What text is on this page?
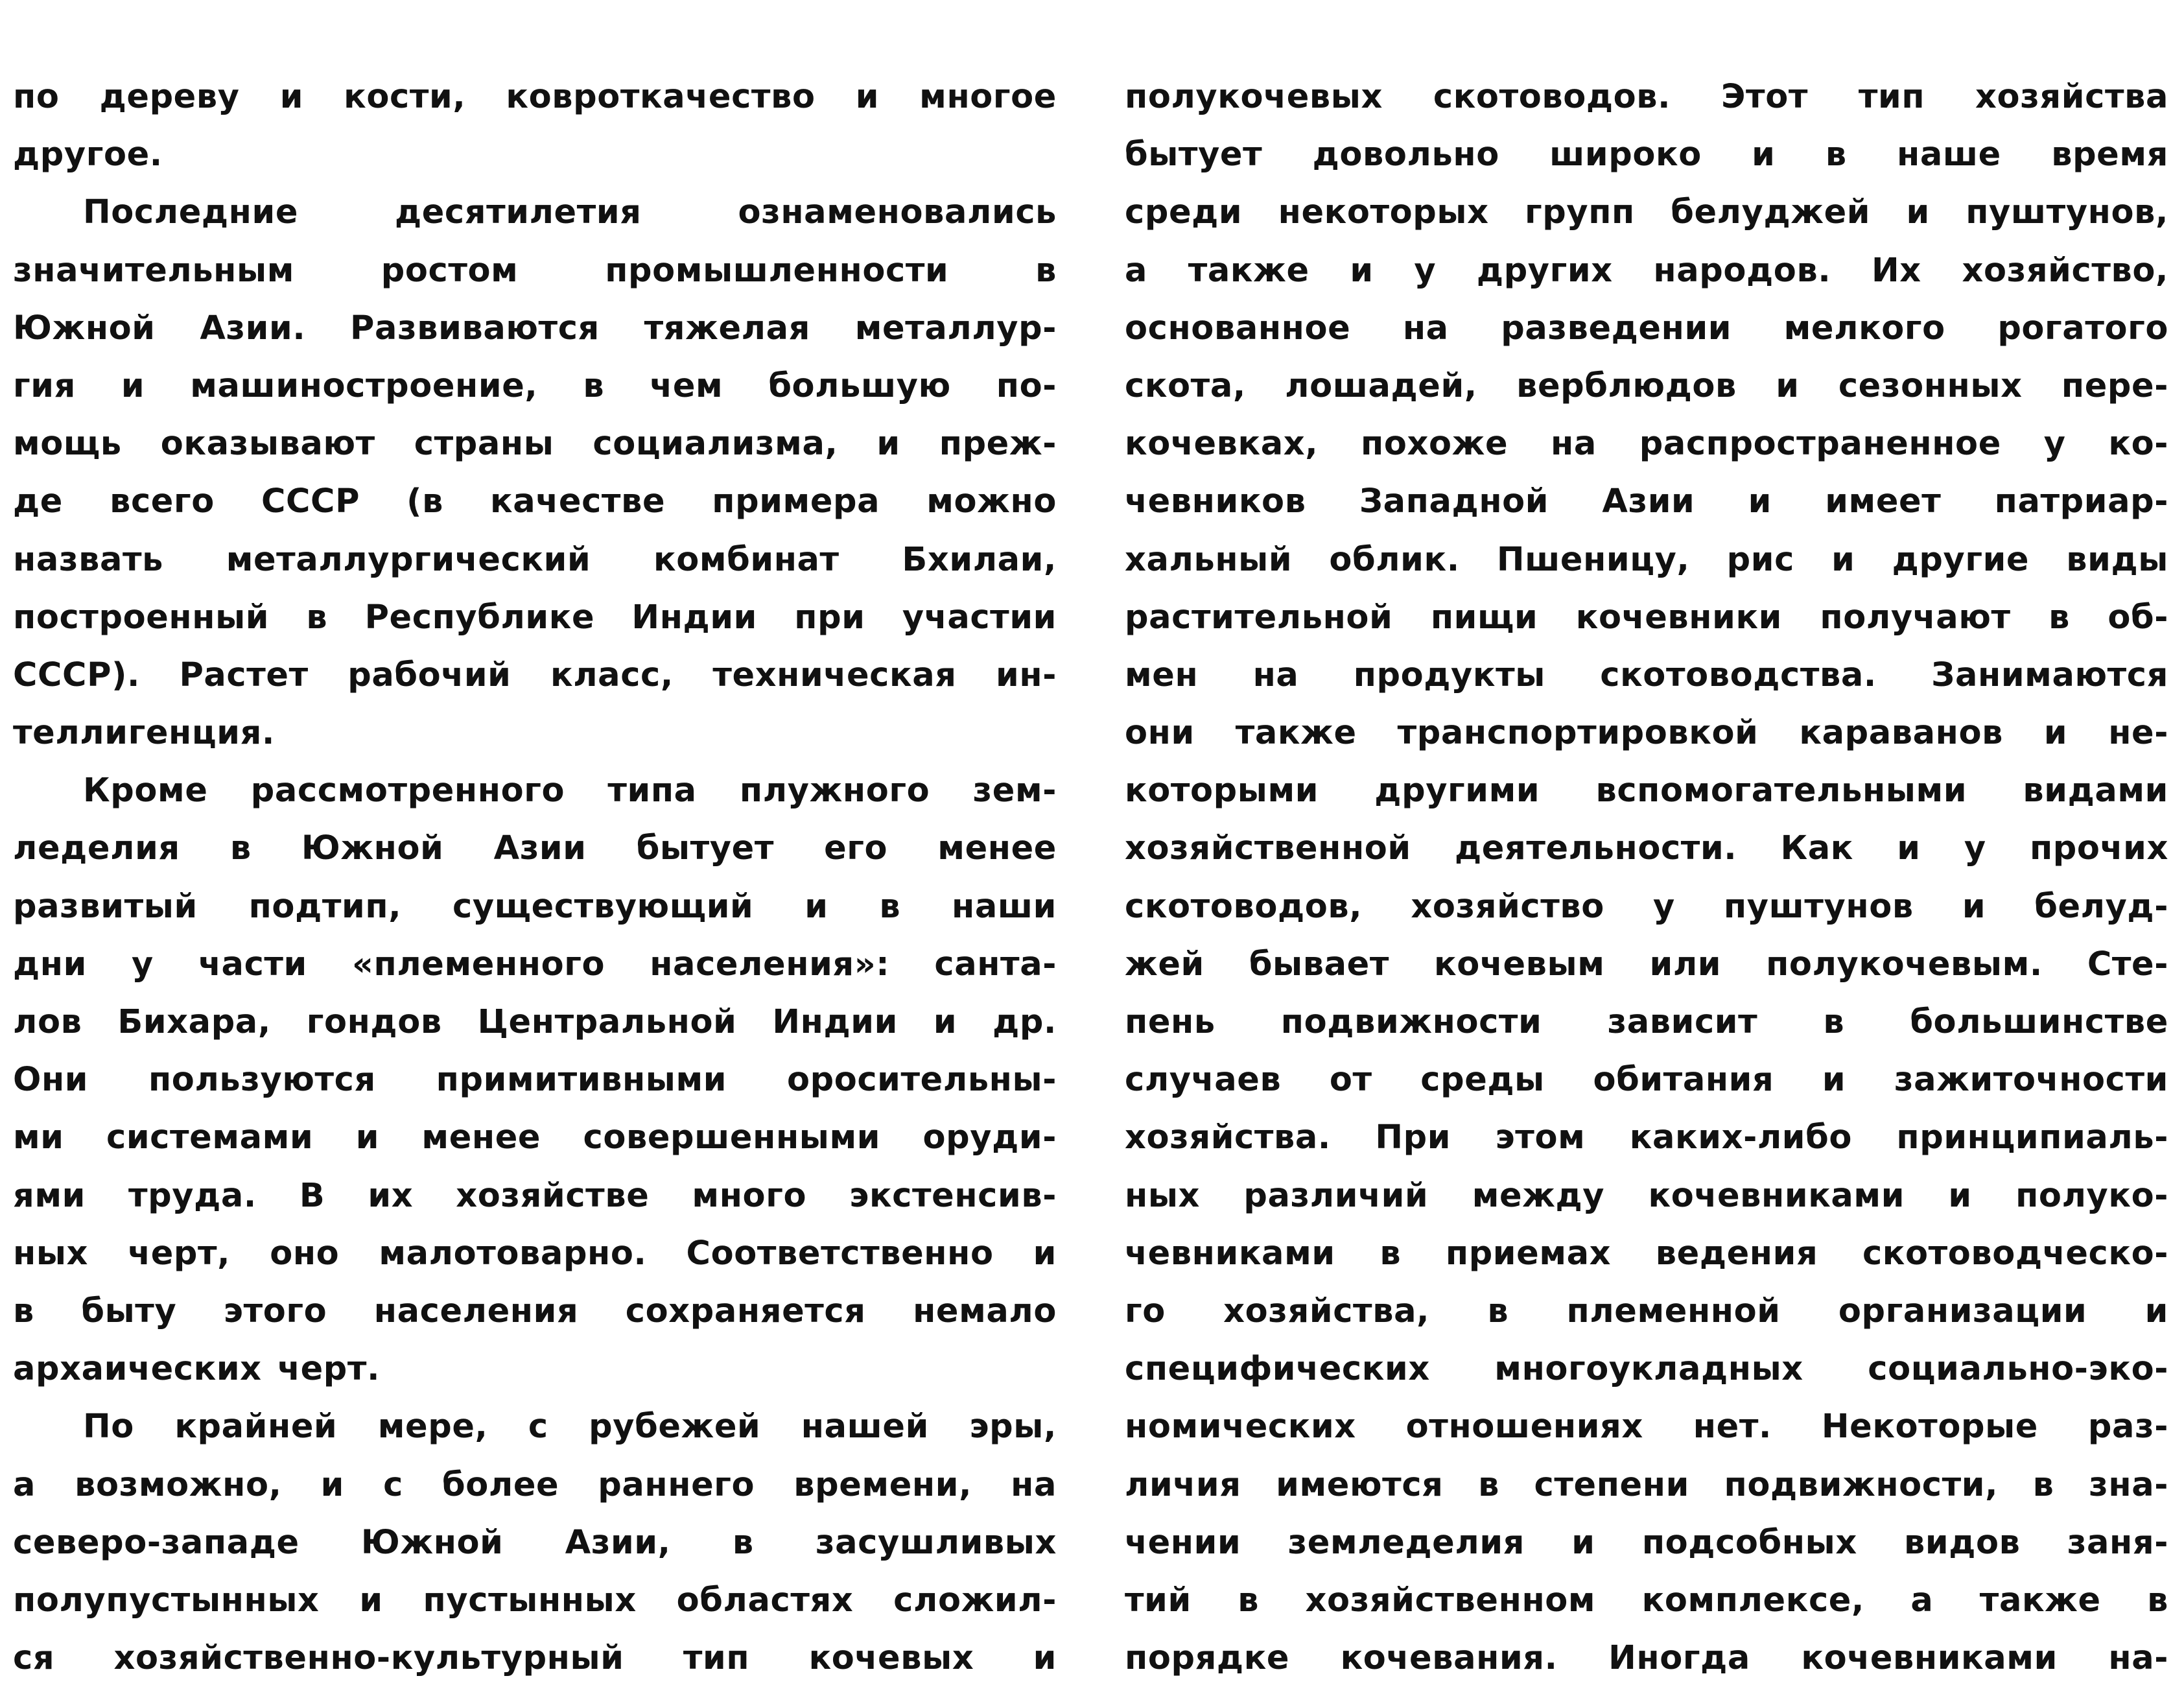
по дереву и кости, ковроткачество и многое
другое.
Последние десятилетия ознаменовались
значительным ростом промышленности в
Южной Азии. Развиваются тяжелая металлур-
гия и машиностроение, в чем большую по-
мощь оказывают страны социализма, и преж-
де всего СССР (в качестве примера можно
назвать металлургический комбинат Бхилаи,
построенный в Республике Индии при участии
СССР). Растет рабочий класс, техническая ин-
теллигенция.
Кроме рассмотренного типа плужного зем-
леделия в Южной Азии бытует его менее
развитый подтип, существующий и в наши
дни у части «племенного населения»: санта-
лов Бихара, гондов Центральной Индии и др.
Они пользуются примитивными оросительны-
ми системами и менее совершенными оруди-
ями труда. В их хозяйстве много экстенсив-
ных черт, оно малотоварно. Соответственно и
в быту этого населения сохраняется немало
архаических черт.
По крайней мере, с рубежей нашей эры,
а возможно, и с более раннего времени, на
северо-западе Южной Азии, в засушливых
полупустынных и пустынных областях сложил-
ся хозяйственно-культурный тип кочевых и
полукочевых скотоводов. Этот тип хозяйства
бытует довольно широко и в наше время
среди некоторых групп белуджей и пуштунов,
а также и у других народов. Их хозяйство,
основанное на разведении мелкого рогатого
скота, лошадей, верблюдов и сезонных пере-
кочевках, похоже на распространенное у ко-
чевников Западной Азии и имеет патриар-
хальный облик. Пшеницу, рис и другие виды
растительной пищи кочевники получают в об-
мен на продукты скотоводства. Занимаются
они также транспортировкой караванов и не-
которыми другими вспомогательными видами
хозяйственной деятельности. Как и у прочих
скотоводов, хозяйство у пуштунов и белуд-
жей бывает кочевым или полукочевым. Сте-
пень подвижности зависит в большинстве
случаев от среды обитания и зажиточности
хозяйства. При этом каких-либо принципиаль-
ных различий между кочевниками и полуко-
чевниками в приемах ведения скотоводческо-
го хозяйства, в племенной организации и
специфических многоукладных социально-эко-
номических отношениях нет. Некоторые раз-
личия имеются в степени подвижности, в зна-
чении земледелия и подсобных видов заня-
тий в хозяйственном комплексе, а также в
порядке кочевания. Иногда кочевниками на-
